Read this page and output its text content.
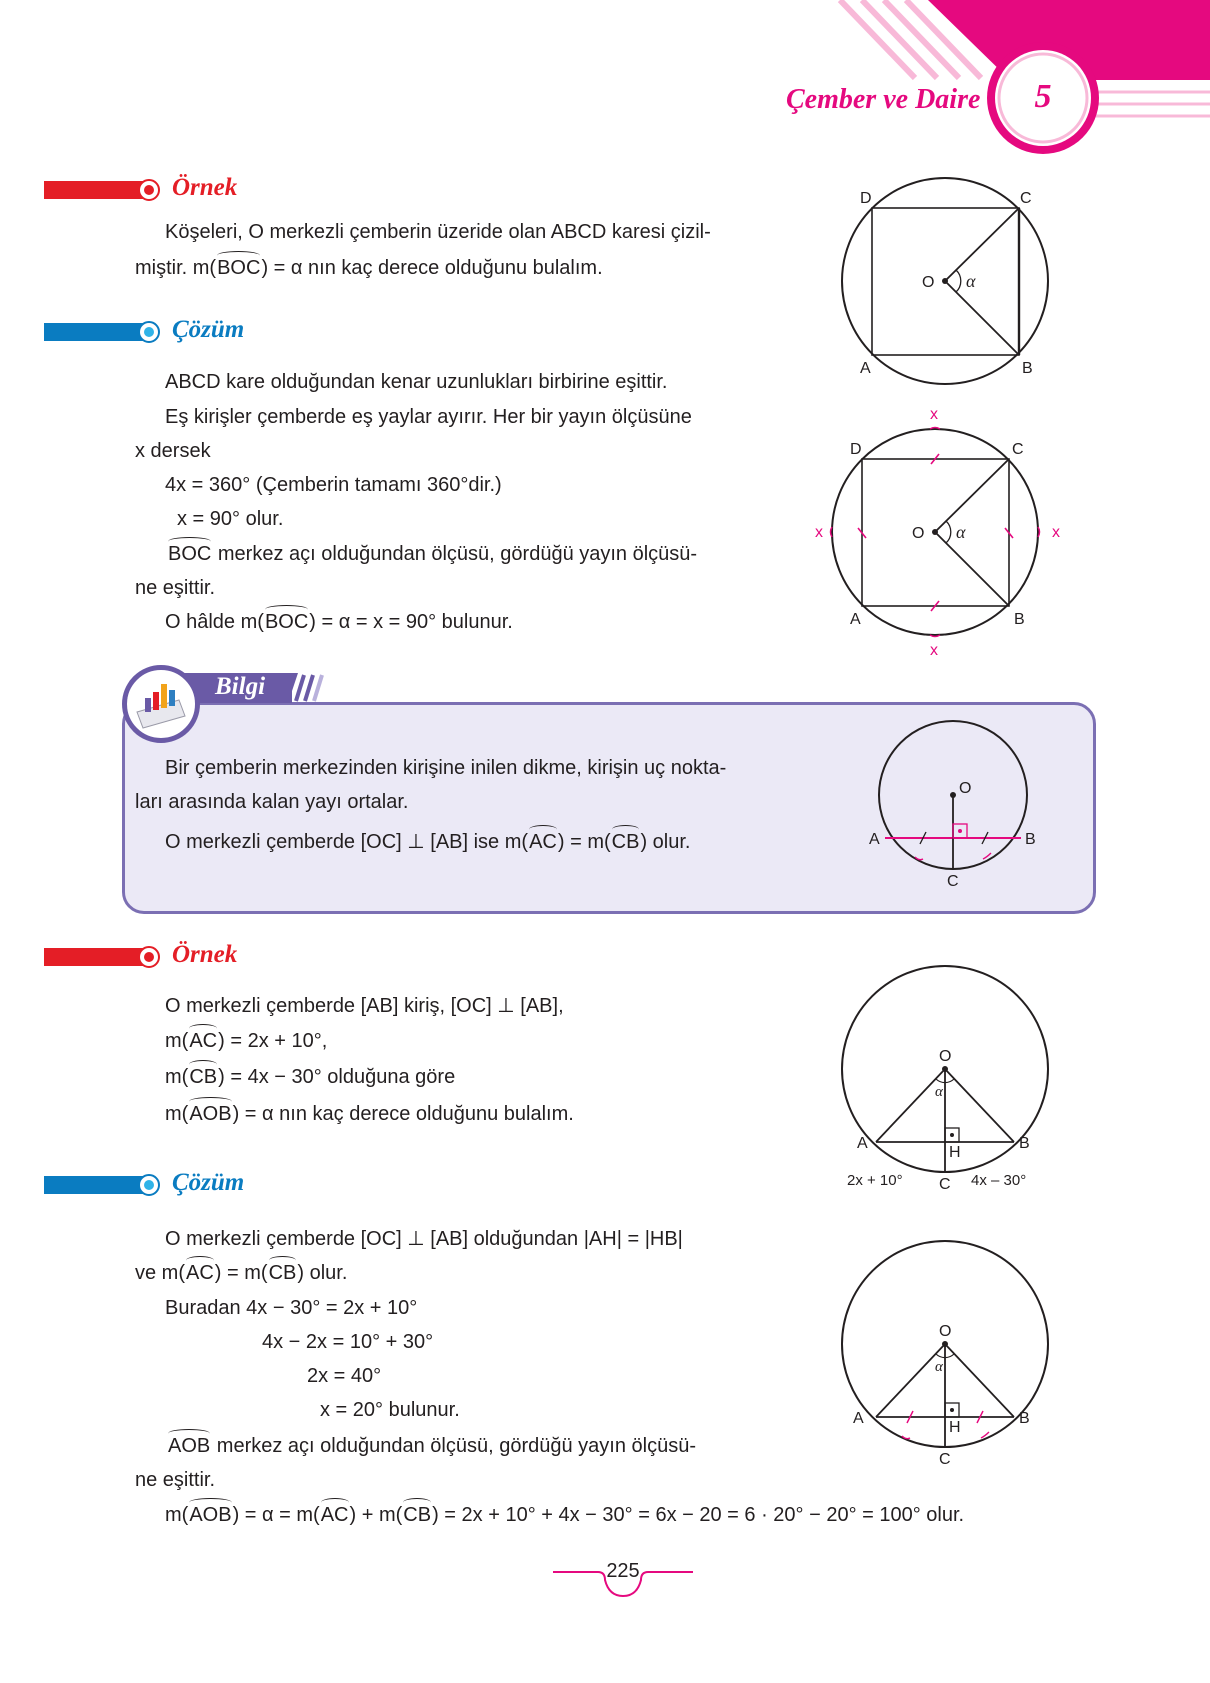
Çember ve Daire 5
Örnek
Köşeleri, O merkezli çemberin üzeride olan ABCD karesi çizil-
miştir. m(BOC) = α nın kaç derece olduğunu bulalım.
D	C
A	B
O α
Çözüm
ABCD kare olduğundan kenar uzunlukları birbirine eşittir.
Eş kirişler çemberde eş yaylar ayırır. Her bir yayın ölçüsüne
x dersek
4x = 360° (Çemberin tamamı 360°dir.)
x = 90° olur.
BOC merkez açı olduğundan ölçüsü, gördüğü yayın ölçüsü-
ne eşittir.
O hâlde m(BOC) = α = x = 90° bulunur.
x
x
x	x
D	C
A	B
O α
Bilgi
Bir çemberin merkezinden kirişine inilen dikme, kirişin uç nokta-
ları arasında kalan yayı ortalar.
O merkezli çemberde [OC] ⊥ [AB] ise m(AC) = m(CB) olur.
O
A	B
C
Örnek
O merkezli çemberde [AB] kiriş, [OC] ⊥ [AB],
m(AC) = 2x + 10°,
m(CB) = 4x − 30° olduğuna göre
m(AOB) = α nın kaç derece olduğunu bulalım.
O
A	B
H
C
α
2x + 10°	4x – 30°
Çözüm
O merkezli çemberde [OC] ⊥ [AB] olduğundan |AH| = |HB|
ve m(AC) = m(CB) olur.
Buradan 4x − 30° = 2x + 10°
4x − 2x = 10° + 30°
2x = 40°
x = 20° bulunur.
AOB merkez açı olduğundan ölçüsü, gördüğü yayın ölçüsü-
ne eşittir.
m(AOB) = α = m(AC) + m(CB) = 2x + 10° + 4x − 30° = 6x − 20 = 6 · 20° − 20° = 100° olur.
O
A	B
H
C
α
225
